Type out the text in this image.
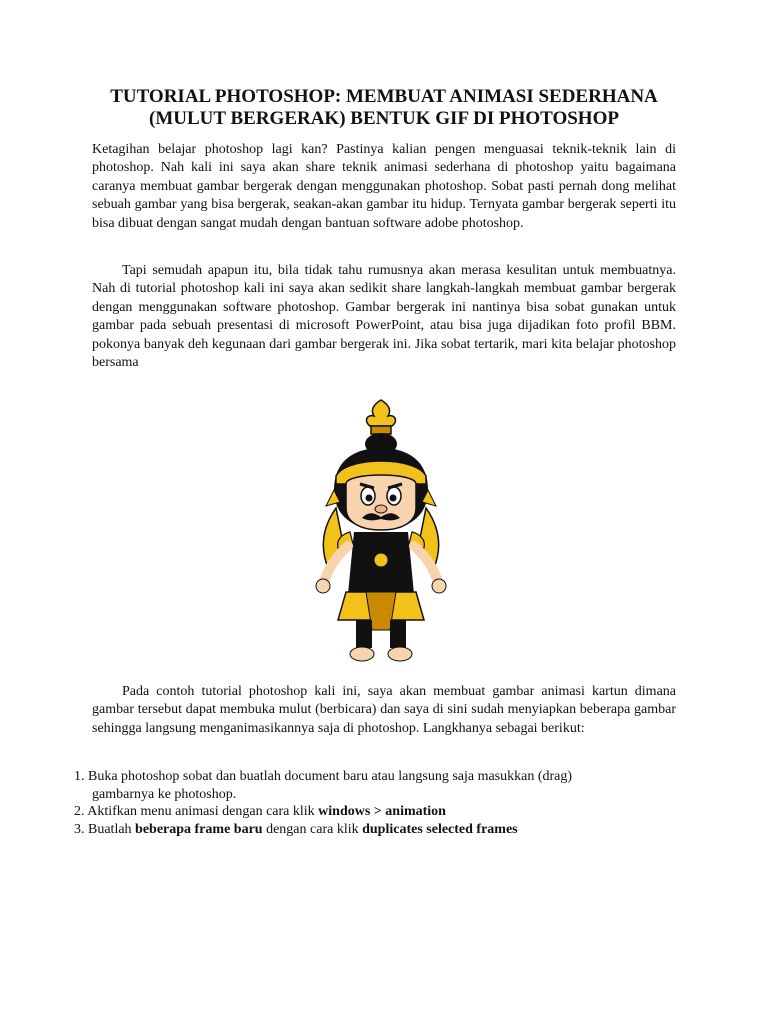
TUTORIAL PHOTOSHOP: MEMBUAT ANIMASI SEDERHANA
(MULUT BERGERAK) BENTUK GIF DI PHOTOSHOP

Ketagihan belajar photoshop lagi kan? Pastinya kalian pengen menguasai teknik-teknik lain di photoshop. Nah kali ini saya akan share teknik animasi sederhana di photoshop yaitu bagaimana caranya membuat gambar bergerak dengan menggunakan photoshop. Sobat pasti pernah dong melihat sebuah gambar yang bisa bergerak, seakan-akan gambar itu hidup. Ternyata gambar bergerak seperti itu bisa dibuat dengan sangat mudah dengan bantuan software adobe photoshop.

Tapi semudah apapun itu, bila tidak tahu rumusnya akan merasa kesulitan untuk membuatnya. Nah di tutorial photoshop kali ini saya akan sedikit share langkah-langkah membuat gambar bergerak dengan menggunakan software photoshop. Gambar bergerak ini nantinya bisa sobat gunakan untuk gambar pada sebuah presentasi di microsoft PowerPoint, atau bisa juga dijadikan foto profil BBM. pokonya banyak deh kegunaan dari gambar bergerak ini. Jika sobat tertarik, mari kita belajar photoshop bersama

Pada contoh tutorial photoshop kali ini, saya akan membuat gambar animasi kartun dimana gambar tersebut dapat membuka mulut (berbicara) dan saya di sini sudah menyiapkan beberapa gambar sehingga langsung menganimasikannya saja di photoshop. Langkhanya sebagai berikut:

1. Buka photoshop sobat dan buatlah document baru atau langsung saja masukkan (drag)
gambarnya ke photoshop.
2. Aktifkan menu animasi dengan cara klik windows > animation
3. Buatlah beberapa frame baru dengan cara klik duplicates selected frames
